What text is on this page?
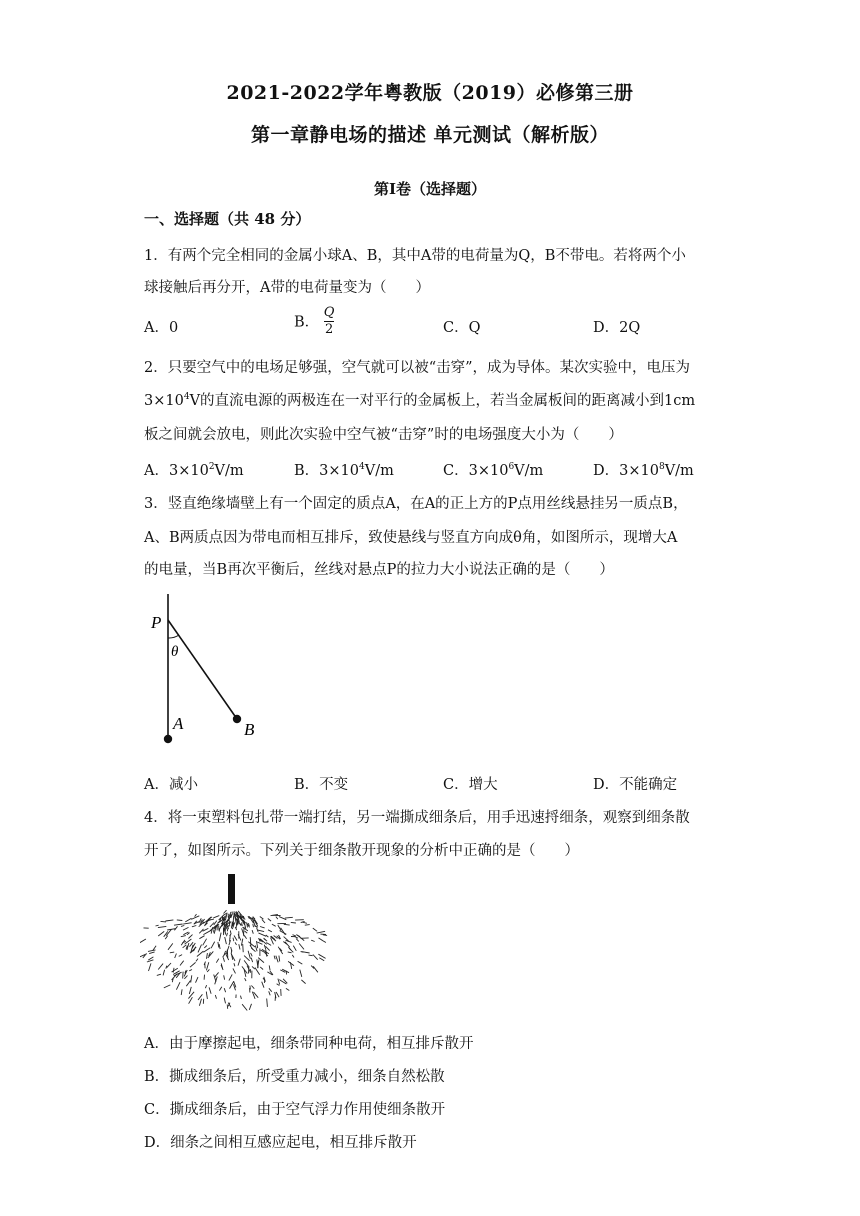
2021-2022学年粤教版（2019）必修第三册
第一章静电场的描述 单元测试（解析版）
第Ⅰ卷（选择题）
一、选择题（共 48 分）
1．有两个完全相同的金属小球A、B，其中A带的电荷量为Q，B不带电。若将两个小
球接触后再分开，A带的电荷量变为（　　）
A．0	B． $\frac{Q}{2}$	C．Q	D．2Q
2．只要空气中的电场足够强，空气就可以被“击穿”，成为导体。某次实验中，电压为
$3\times 10^4V$的直流电源的两极连在一对平行的金属板上，若当金属板间的距离减小到1cm
板之间就会放电，则此次实验中空气被“击穿”时的电场强度大小为（　　）
A．$3\times 10^2V/m$	B．$3\times 10^4V/m$	C．$3\times 10^6V/m$	D．$3\times 10^8V/m$
3．竖直绝缘墙壁上有一个固定的质点A，在A的正上方的P点用丝线悬挂另一质点B，
A、B两质点因为带电而相互排斥，致使悬线与竖直方向成θ角，如图所示，现增大A
的电量，当B再次平衡后，丝线对悬点P的拉力大小说法正确的是（　　）
P
θ
A	B
A．减小	B．不变	C．增大	D．不能确定
4．将一束塑料包扎带一端打结，另一端撕成细条后，用手迅速捋细条，观察到细条散
开了，如图所示。下列关于细条散开现象的分析中正确的是（　　）
A．由于摩擦起电，细条带同种电荷，相互排斥散开
B．撕成细条后，所受重力减小，细条自然松散
C．撕成细条后，由于空气浮力作用使细条散开
D．细条之间相互感应起电，相互排斥散开
